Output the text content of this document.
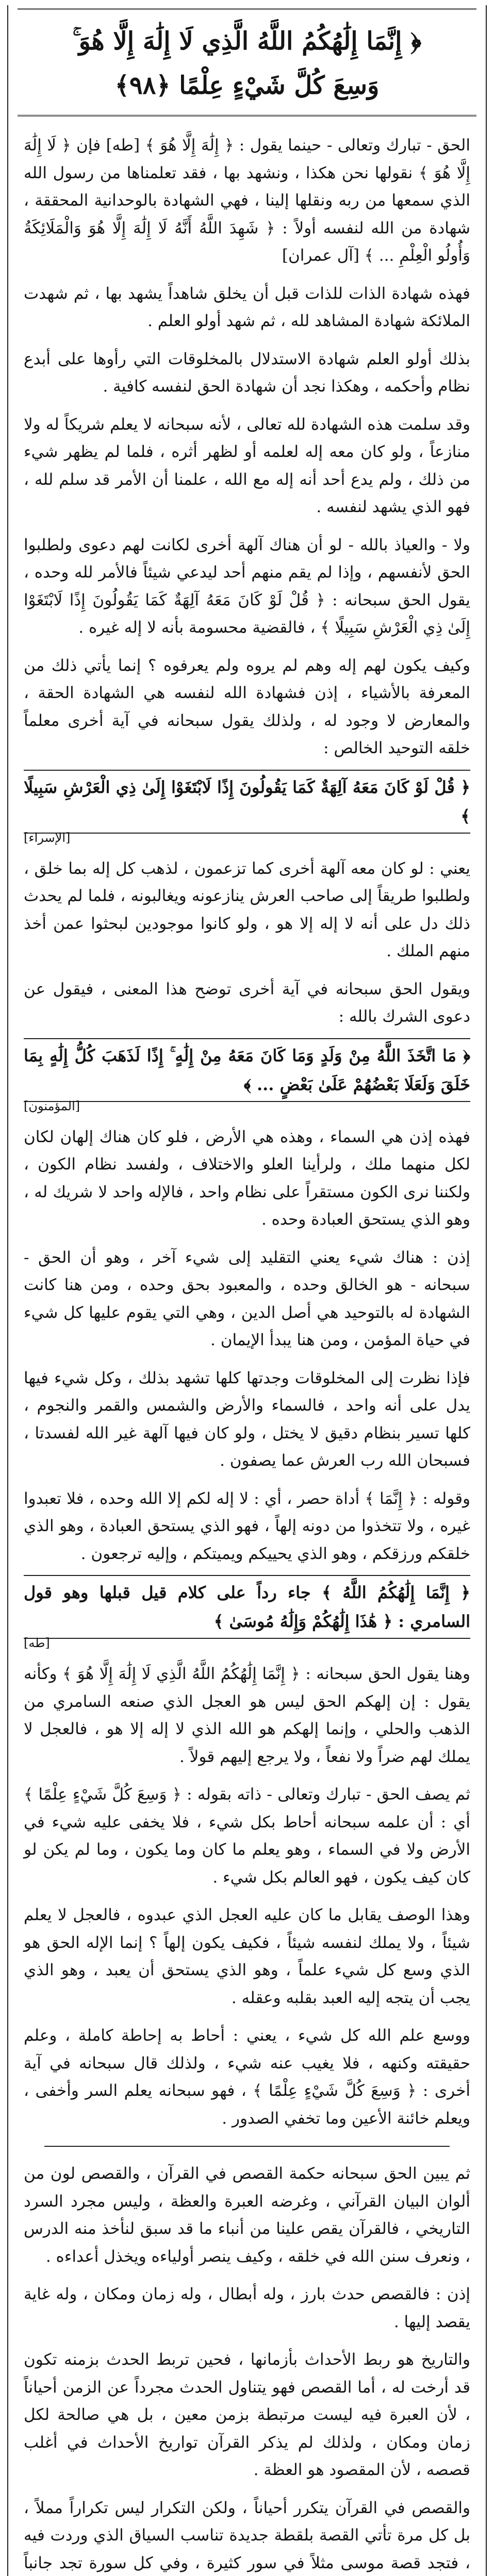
﴿ إِنَّمَا إِلَٰهُكُمُ اللَّهُ الَّذِي لَا إِلَٰهَ إِلَّا هُوَ ۚ
وَسِعَ كُلَّ شَيْءٍ عِلْمًا ﴿٩٨﴾

الحق - تبارك وتعالى - حينما يقول : ﴿ إِلَٰهَ إِلَّا هُوَ ﴾ [طه] فإن ﴿ لَا إِلَٰهَ إِلَّا هُوَ ﴾ نقولها نحن هكذا ، ونشهد بها ، فقد تعلمناها من رسول الله الذي سمعها من ربه ونقلها إلينا ، فهي الشهادة بالوحدانية المحققة ، شهادة من الله لنفسه أولاً : ﴿ شَهِدَ اللَّهُ أَنَّهُ لَا إِلَٰهَ إِلَّا هُوَ وَالْمَلَائِكَةُ وَأُولُو الْعِلْمِ ... ﴾ [آل عمران]

فهذه شهادة الذات للذات قبل أن يخلق شاهداً يشهد بها ، ثم شهدت الملائكة شهادة المشاهد لله ، ثم شهد أولو العلم .

بذلك أولو العلم شهادة الاستدلال بالمخلوقات التي رأوها على أبدع نظام وأحكمه ، وهكذا نجد أن شهادة الحق لنفسه كافية .

وقد سلمت هذه الشهادة لله تعالى ، لأنه سبحانه لا يعلم شريكاً له ولا منازعاً ، ولو كان معه إله لعلمه أو لظهر أثره ، فلما لم يظهر شيء من ذلك ، ولم يدع أحد أنه إله مع الله ، علمنا أن الأمر قد سلم لله ، فهو الذي يشهد لنفسه .

ولا - والعياذ بالله - لو أن هناك آلهة أخرى لكانت لهم دعوى ولطلبوا الحق لأنفسهم ، وإذا لم يقم منهم أحد ليدعي شيئاً فالأمر لله وحده ، يقول الحق سبحانه : ﴿ قُلْ لَوْ كَانَ مَعَهُ آلِهَةٌ كَمَا يَقُولُونَ إِذًا لَابْتَغَوْا إِلَىٰ ذِي الْعَرْشِ سَبِيلًا ﴾ ، فالقضية محسومة بأنه لا إله غيره .

وكيف يكون لهم إله وهم لم يروه ولم يعرفوه ؟ إنما يأتي ذلك من المعرفة بالأشياء ، إذن فشهادة الله لنفسه هي الشهادة الحقة ، والمعارض لا وجود له ، ولذلك يقول سبحانه في آية أخرى معلماً خلقه التوحيد الخالص :

﴿ قُلْ لَوْ كَانَ مَعَهُ آلِهَةٌ كَمَا يَقُولُونَ إِذًا لَابْتَغَوْا إِلَىٰ ذِي الْعَرْشِ سَبِيلًا ﴾
[الإسراء]

يعني : لو كان معه آلهة أخرى كما تزعمون ، لذهب كل إله بما خلق ، ولطلبوا طريقاً إلى صاحب العرش ينازعونه ويغالبونه ، فلما لم يحدث ذلك دل على أنه لا إله إلا هو ، ولو كانوا موجودين لبحثوا عمن أخذ منهم الملك .

ويقول الحق سبحانه في آية أخرى توضح هذا المعنى ، فيقول عن دعوى الشرك بالله :

﴿ مَا اتَّخَذَ اللَّهُ مِنْ وَلَدٍ وَمَا كَانَ مَعَهُ مِنْ إِلَٰهٍ ۚ إِذًا لَذَهَبَ كُلُّ إِلَٰهٍ بِمَا خَلَقَ وَلَعَلَا بَعْضُهُمْ عَلَىٰ بَعْضٍ ... ﴾
[المؤمنون]

فهذه إذن هي السماء ، وهذه هي الأرض ، فلو كان هناك إلهان لكان لكل منهما ملك ، ولرأينا العلو والاختلاف ، ولفسد نظام الكون ، ولكننا نرى الكون مستقراً على نظام واحد ، فالإله واحد لا شريك له ، وهو الذي يستحق العبادة وحده .

إذن : هناك شيء يعني التقليد إلى شيء آخر ، وهو أن الحق - سبحانه - هو الخالق وحده ، والمعبود بحق وحده ، ومن هنا كانت الشهادة له بالتوحيد هي أصل الدين ، وهي التي يقوم عليها كل شيء في حياة المؤمن ، ومن هنا يبدأ الإيمان .

فإذا نظرت إلى المخلوقات وجدتها كلها تشهد بذلك ، وكل شيء فيها يدل على أنه واحد ، فالسماء والأرض والشمس والقمر والنجوم ، كلها تسير بنظام دقيق لا يختل ، ولو كان فيها آلهة غير الله لفسدتا ، فسبحان الله رب العرش عما يصفون .

وقوله : ﴿ إِنَّمَا ﴾ أداة حصر ، أي : لا إله لكم إلا الله وحده ، فلا تعبدوا غيره ، ولا تتخذوا من دونه إلهاً ، فهو الذي يستحق العبادة ، وهو الذي خلقكم ورزقكم ، وهو الذي يحييكم ويميتكم ، وإليه ترجعون .

﴿ إِنَّمَا إِلَٰهُكُمُ اللَّهُ ﴾ جاء رداً على كلام قيل قبلها وهو قول السامري : ﴿ هَٰذَا إِلَٰهُكُمْ وَإِلَٰهُ مُوسَىٰ ﴾
[طه]

وهنا يقول الحق سبحانه : ﴿ إِنَّمَا إِلَٰهُكُمُ اللَّهُ الَّذِي لَا إِلَٰهَ إِلَّا هُوَ ﴾ وكأنه يقول : إن إلهكم الحق ليس هو العجل الذي صنعه السامري من الذهب والحلي ، وإنما إلهكم هو الله الذي لا إله إلا هو ، فالعجل لا يملك لهم ضراً ولا نفعاً ، ولا يرجع إليهم قولاً .

ثم يصف الحق - تبارك وتعالى - ذاته بقوله : ﴿ وَسِعَ كُلَّ شَيْءٍ عِلْمًا ﴾ أي : أن علمه سبحانه أحاط بكل شيء ، فلا يخفى عليه شيء في الأرض ولا في السماء ، وهو يعلم ما كان وما يكون ، وما لم يكن لو كان كيف يكون ، فهو العالم بكل شيء .

وهذا الوصف يقابل ما كان عليه العجل الذي عبدوه ، فالعجل لا يعلم شيئاً ، ولا يملك لنفسه شيئاً ، فكيف يكون إلهاً ؟ إنما الإله الحق هو الذي وسع كل شيء علماً ، وهو الذي يستحق أن يعبد ، وهو الذي يجب أن يتجه إليه العبد بقلبه وعقله .

ووسع علم الله كل شيء ، يعني : أحاط به إحاطة كاملة ، وعلم حقيقته وكنهه ، فلا يغيب عنه شيء ، ولذلك قال سبحانه في آية أخرى : ﴿ وَسِعَ كُلَّ شَيْءٍ عِلْمًا ﴾ ، فهو سبحانه يعلم السر وأخفى ، ويعلم خائنة الأعين وما تخفي الصدور .

ثم يبين الحق سبحانه حكمة القصص في القرآن ، والقصص لون من ألوان البيان القرآني ، وغرضه العبرة والعظة ، وليس مجرد السرد التاريخي ، فالقرآن يقص علينا من أنباء ما قد سبق لنأخذ منه الدرس ، ونعرف سنن الله في خلقه ، وكيف ينصر أولياءه ويخذل أعداءه .

إذن : فالقصص حدث بارز ، وله أبطال ، وله زمان ومكان ، وله غاية يقصد إليها .

والتاريخ هو ربط الأحداث بأزمانها ، فحين تربط الحدث بزمنه تكون قد أرخت له ، أما القصص فهو يتناول الحدث مجرداً عن الزمن أحياناً ، لأن العبرة فيه ليست مرتبطة بزمن معين ، بل هي صالحة لكل زمان ومكان ، ولذلك لم يذكر القرآن تواريخ الأحداث في أغلب قصصه ، لأن المقصود هو العظة .

والقصص في القرآن يتكرر أحياناً ، ولكن التكرار ليس تكراراً مملاً ، بل كل مرة تأتي القصة بلقطة جديدة تناسب السياق الذي وردت فيه ، فتجد قصة موسى مثلاً في سور كثيرة ، وفي كل سورة تجد جانباً
